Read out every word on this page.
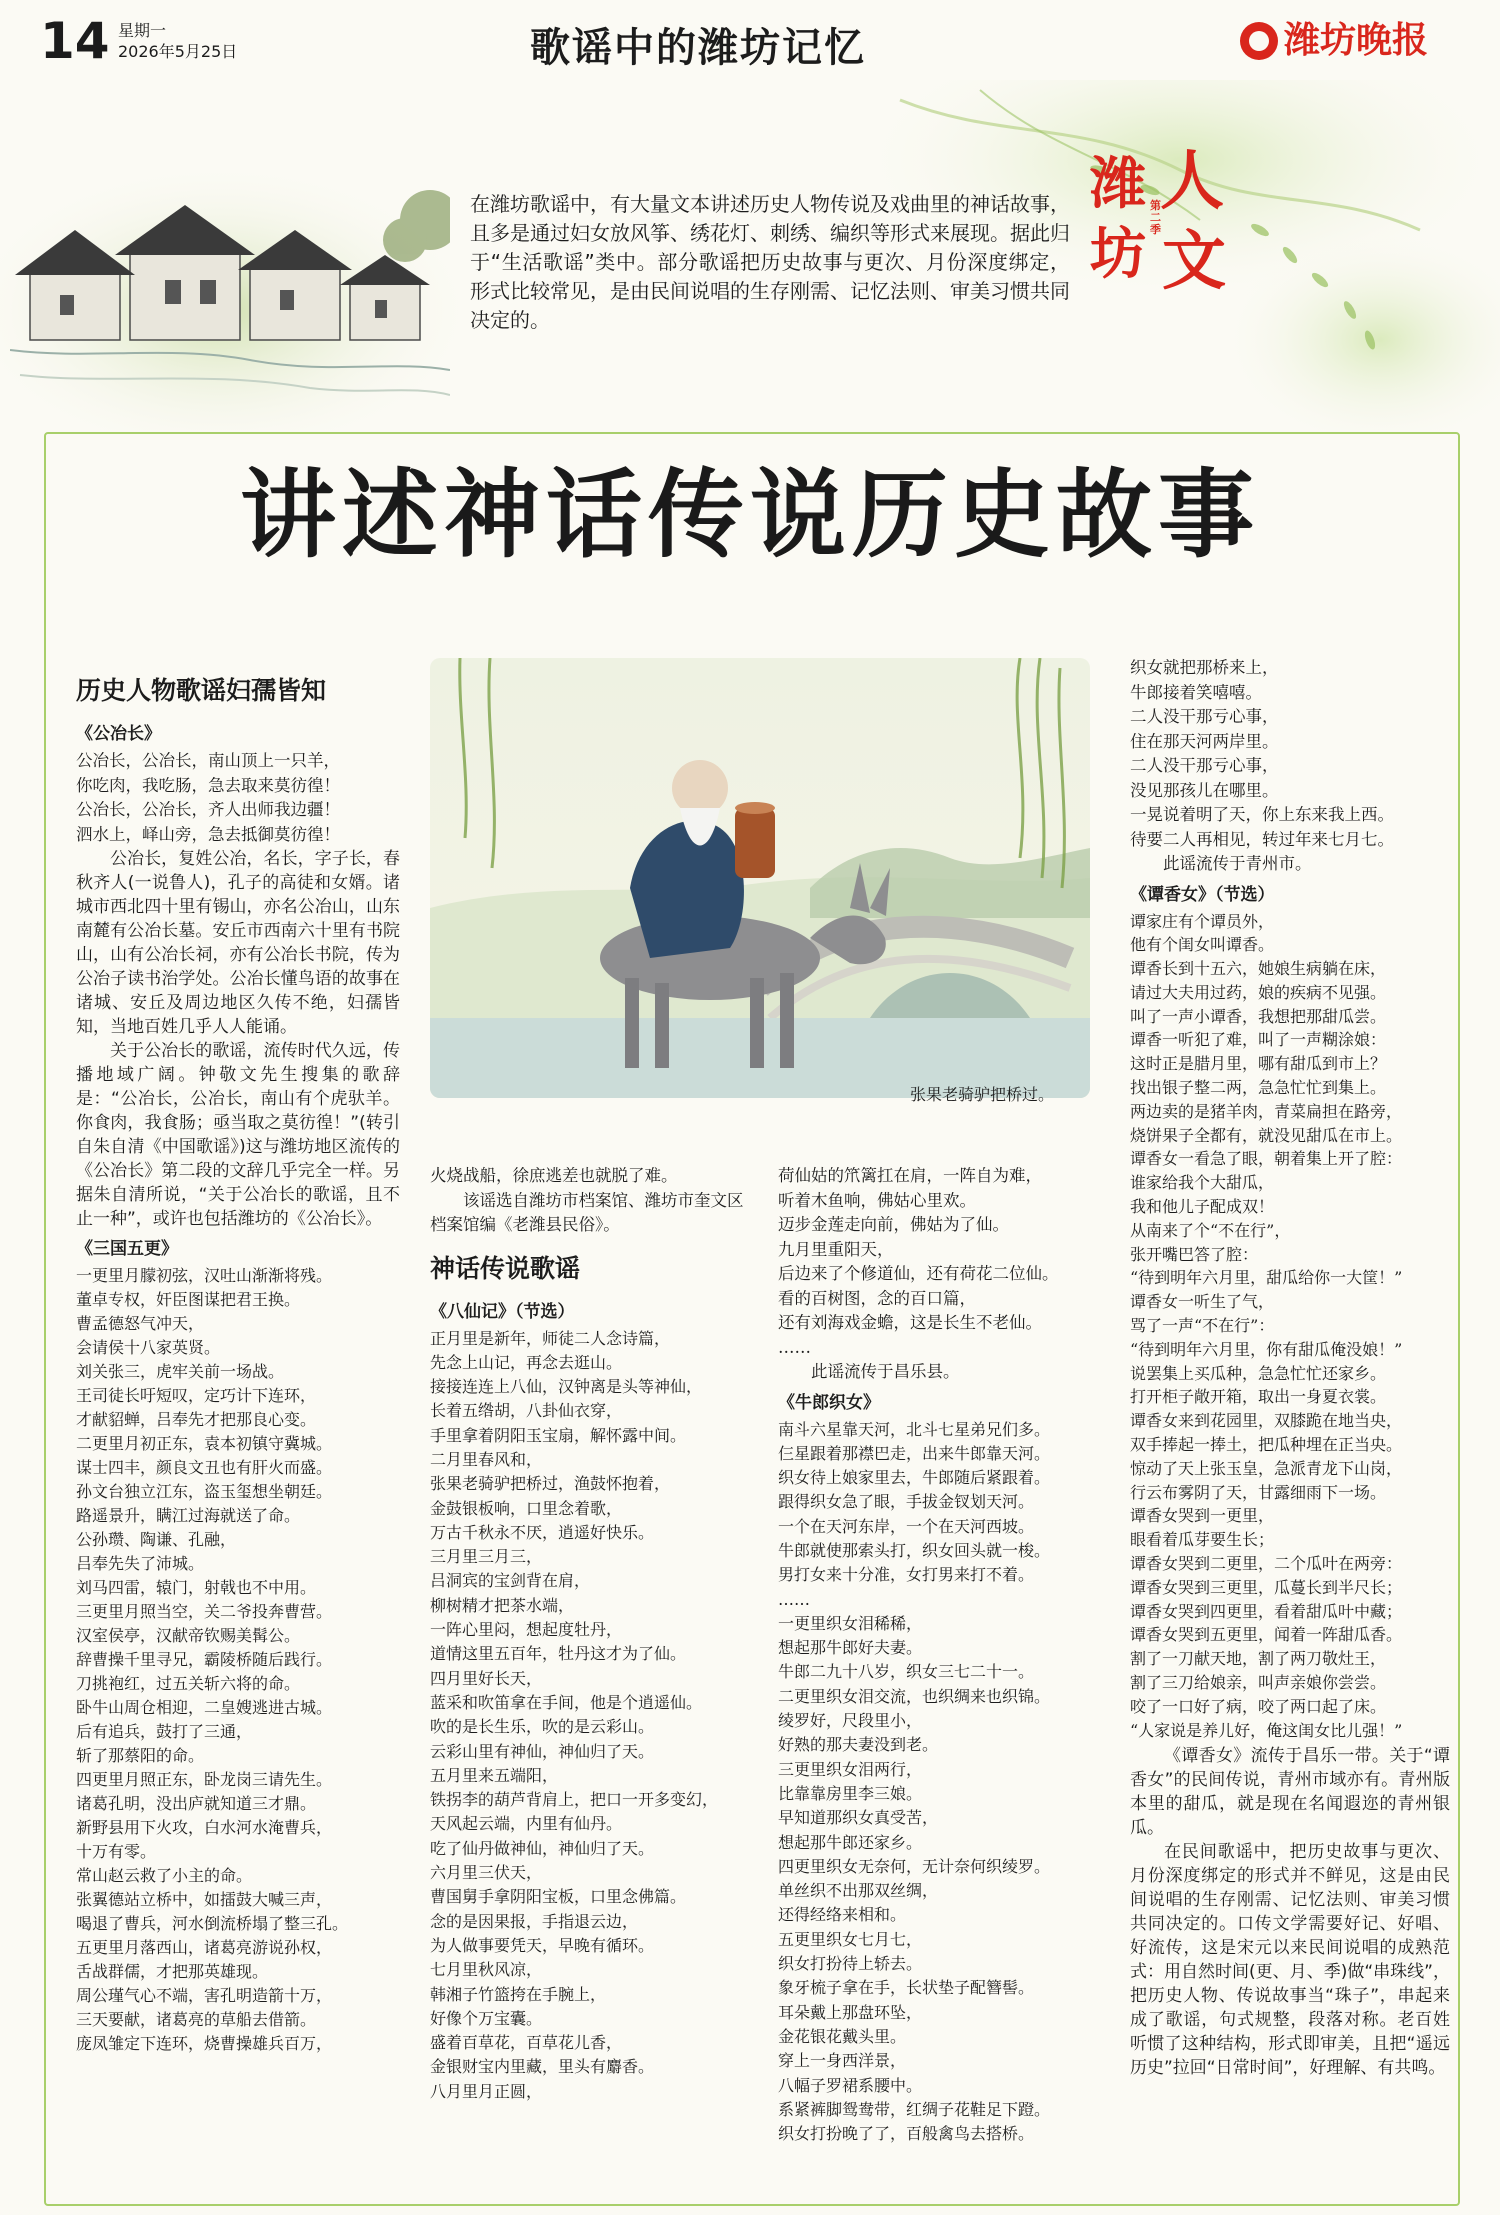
14 星期一
2026年5月25日	歌谣中的潍坊记忆	潍坊晚报
在潍坊歌谣中，有大量文本讲述历史人物传说及戏曲里的神话故事，且多是通过妇女放风筝、绣花灯、刺绣、编织等形式来展现。据此归于“生活歌谣”类中。部分歌谣把历史故事与更次、月份深度绑定，形式比较常见，是由民间说唱的生存刚需、记忆法则、审美习惯共同决定的。
潍
坊
人
文
第二季
讲述神话传说历史故事
历史人物歌谣妇孺皆知
《公冶长》
公冶长，公冶长，南山顶上一只羊，
你吃肉，我吃肠，急去取来莫彷徨！
公冶长，公冶长，齐人出师我边疆！
泗水上，峄山旁，急去抵御莫彷徨！
公冶长，复姓公冶，名长，字子长，春秋齐人(一说鲁人)，孔子的高徒和女婿。诸城市西北四十里有锡山，亦名公冶山，山东南麓有公冶长墓。安丘市西南六十里有书院山，山有公冶长祠，亦有公冶长书院，传为公冶子读书治学处。公冶长懂鸟语的故事在诸城、安丘及周边地区久传不绝，妇孺皆知，当地百姓几乎人人能诵。
关于公冶长的歌谣，流传时代久远，传播地域广阔。钟敬文先生搜集的歌辞是：“公冶长，公冶长，南山有个虎驮羊。你食肉，我食肠；亟当取之莫彷徨！”(转引自朱自清《中国歌谣》)这与潍坊地区流传的《公冶长》第二段的文辞几乎完全一样。另据朱自清所说，“关于公冶长的歌谣，且不止一种”，或许也包括潍坊的《公冶长》。
《三国五更》
一更里月朦初弦，汉吐山渐渐将残。
董卓专权，奸臣图谋把君王换。
曹孟德怒气冲天，
会请侯十八家英贤。
刘关张三，虎牢关前一场战。
王司徒长吁短叹，定巧计下连环，
才献貂蝉，吕奉先才把那良心变。
二更里月初正东，袁本初镇守冀城。
谋士四丰，颜良文丑也有肝火而盛。
孙文台独立江东，盗玉玺想坐朝廷。
路遥景升，瞒江过海就送了命。
公孙瓒、陶谦、孔融，
吕奉先失了沛城。
刘马四雷，辕门，射戟也不中用。
三更里月照当空，关二爷投奔曹营。
汉室侯亭，汉献帝钦赐美髯公。
辞曹操千里寻兄，霸陵桥随后践行。
刀挑袍红，过五关斩六将的命。
卧牛山周仓相迎，二皇嫂逃进古城。
后有追兵，鼓打了三通，
斩了那蔡阳的命。
四更里月照正东，卧龙岗三请先生。
诸葛孔明，没出庐就知道三才鼎。
新野县用下火攻，白水河水淹曹兵，
十万有零。
常山赵云救了小主的命。
张翼德站立桥中，如擂鼓大喊三声，
喝退了曹兵，河水倒流桥塌了整三孔。
五更里月落西山，诸葛亮游说孙权，
舌战群儒，才把那英雄现。
周公瑾气心不端，害孔明造箭十万，
三天要献，诸葛亮的草船去借箭。
庞凤雏定下连环，烧曹操雄兵百万，
张果老骑驴把桥过。
火烧战船，徐庶逃差也就脱了难。
该谣选自潍坊市档案馆、潍坊市奎文区档案馆编《老潍县民俗》。
神话传说歌谣
《八仙记》（节选）
正月里是新年，师徒二人念诗篇，
先念上山记，再念去逛山。
接接连连上八仙，汉钟离是头等神仙，
长着五绺胡，八卦仙衣穿，
手里拿着阴阳玉宝扇，解怀露中间。
二月里春风和，
张果老骑驴把桥过，渔鼓怀抱着，
金鼓银板响，口里念着歌，
万古千秋永不厌，逍遥好快乐。
三月里三月三，
吕洞宾的宝剑背在肩，
柳树精才把茶水端，
一阵心里闷，想起度牡丹，
道情这里五百年，牡丹这才为了仙。
四月里好长天，
蓝采和吹笛拿在手间，他是个逍遥仙。
吹的是长生乐，吹的是云彩山。
云彩山里有神仙，神仙归了天。
五月里来五端阳，
铁拐李的葫芦背肩上，把口一开多变幻，
天风起云端，内里有仙丹。
吃了仙丹做神仙，神仙归了天。
六月里三伏天，
曹国舅手拿阴阳宝板，口里念佛篇。
念的是因果报，手指退云边，
为人做事要凭天，早晚有循环。
七月里秋风凉，
韩湘子竹篮挎在手腕上，
好像个万宝囊。
盛着百草花，百草花儿香，
金银财宝内里藏，里头有麝香。
八月里月正圆，
荷仙姑的笊篱扛在肩，一阵自为难，
听着木鱼响，佛姑心里欢。
迈步金莲走向前，佛姑为了仙。
九月里重阳天，
后边来了个修道仙，还有荷花二位仙。
看的百树图，念的百口篇，
还有刘海戏金蟾，这是长生不老仙。
……
此谣流传于昌乐县。
《牛郎织女》
南斗六星靠天河，北斗七星弟兄们多。
仨星跟着那襟巴走，出来牛郎靠天河。
织女待上娘家里去，牛郎随后紧跟着。
跟得织女急了眼，手拔金钗划天河。
一个在天河东岸，一个在天河西坡。
牛郎就使那索头打，织女回头就一梭。
男打女来十分准，女打男来打不着。
……
一更里织女泪稀稀，
想起那牛郎好夫妻。
牛郎二九十八岁，织女三七二十一。
二更里织女泪交流，也织绸来也织锦。
绫罗好，尺段里小，
好熟的那夫妻没到老。
三更里织女泪两行，
比靠靠房里李三娘。
早知道那织女真受苦，
想起那牛郎还家乡。
四更里织女无奈何，无计奈何织绫罗。
单丝织不出那双丝绸，
还得经络来相和。
五更里织女七月七，
织女打扮待上轿去。
象牙梳子拿在手，长状垫子配簪髻。
耳朵戴上那盘环坠，
金花银花戴头里。
穿上一身西洋景，
八幅子罗裙系腰中。
系紧裤脚鸳鸯带，红绸子花鞋足下蹬。
织女打扮晚了了，百般禽鸟去搭桥。
织女就把那桥来上，
牛郎接着笑嘻嘻。
二人没干那亏心事，
住在那天河两岸里。
二人没干那亏心事，
没见那孩儿在哪里。
一晃说着明了天，你上东来我上西。
待要二人再相见，转过年来七月七。
此谣流传于青州市。
《谭香女》（节选）
谭家庄有个谭员外，
他有个闺女叫谭香。
谭香长到十五六，她娘生病躺在床，
请过大夫用过药，娘的疾病不见强。
叫了一声小谭香，我想把那甜瓜尝。
谭香一听犯了难，叫了一声糊涂娘：
这时正是腊月里，哪有甜瓜到市上？
找出银子整二两，急急忙忙到集上。
两边卖的是猪羊肉，青菜扁担在路旁，
烧饼果子全都有，就没见甜瓜在市上。
谭香女一看急了眼，朝着集上开了腔：
谁家给我个大甜瓜，
我和他儿子配成双！
从南来了个“不在行”，
张开嘴巴答了腔：
“待到明年六月里，甜瓜给你一大筐！”
谭香女一听生了气，
骂了一声“不在行”：
“待到明年六月里，你有甜瓜俺没娘！”
说罢集上买瓜种，急急忙忙还家乡。
打开柜子敞开箱，取出一身夏衣裳。
谭香女来到花园里，双膝跪在地当央，
双手捧起一捧土，把瓜种埋在正当央。
惊动了天上张玉皇，急派青龙下山岗，
行云布雾阴了天，甘露细雨下一场。
谭香女哭到一更里，
眼看着瓜芽要生长；
谭香女哭到二更里，二个瓜叶在两旁：
谭香女哭到三更里，瓜蔓长到半尺长；
谭香女哭到四更里，看着甜瓜叶中藏；
谭香女哭到五更里，闻着一阵甜瓜香。
割了一刀献天地，割了两刀敬灶王，
割了三刀给娘亲，叫声亲娘你尝尝。
咬了一口好了病，咬了两口起了床。
“人家说是养儿好，俺这闺女比儿强！”
《谭香女》流传于昌乐一带。关于“谭香女”的民间传说，青州市域亦有。青州版本里的甜瓜，就是现在名闻遐迩的青州银瓜。
在民间歌谣中，把历史故事与更次、月份深度绑定的形式并不鲜见，这是由民间说唱的生存刚需、记忆法则、审美习惯共同决定的。口传文学需要好记、好唱、好流传，这是宋元以来民间说唱的成熟范式：用自然时间(更、月、季)做“串珠线”，把历史人物、传说故事当“珠子”，串起来成了歌谣，句式规整，段落对称。老百姓听惯了这种结构，形式即审美，且把“遥远历史”拉回“日常时间”，好理解、有共鸣。
